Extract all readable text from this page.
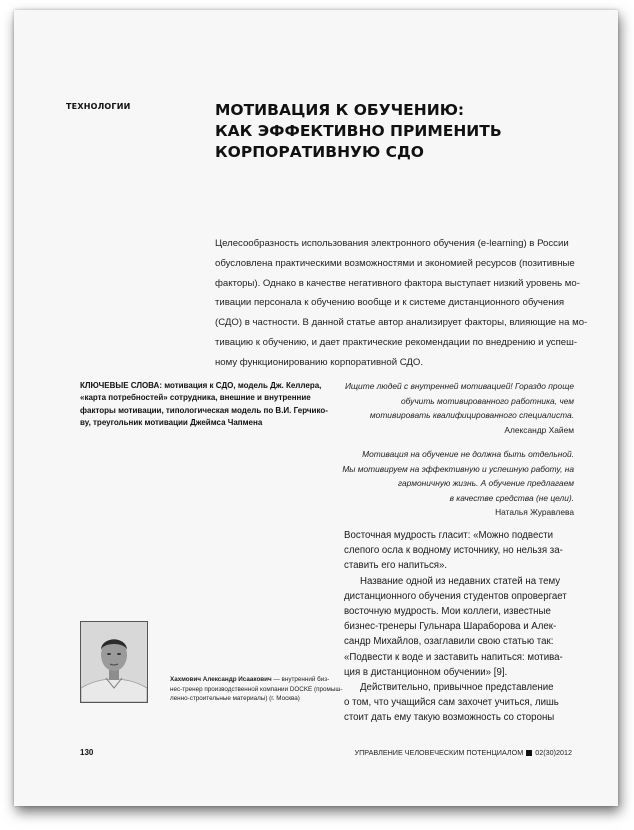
ТЕХНОЛОГИИ	МОТИВАЦИЯ К ОБУЧЕНИЮ:
КАК ЭФФЕКТИВНО ПРИМЕНИТЬ
КОРПОРАТИВНУЮ СДО
Целесообразность использования электронного обучения (e-learning) в России
обусловлена практическими возможностями и экономией ресурсов (позитивные
факторы). Однако в качестве негативного фактора выступает низкий уровень мо-
тивации персонала к обучению вообще и к системе дистанционного обучения
(СДО) в частности. В данной статье автор анализирует факторы, влияющие на мо-
тивацию к обучению, и дает практические рекомендации по внедрению и успеш-
ному функционированию корпоративной СДО.
КЛЮЧЕВЫЕ СЛОВА: мотивация к СДО, модель Дж. Келлера,
«карта потребностей» сотрудника, внешние и внутренние
факторы мотивации, типологическая модель по В.И. Герчико-
ву, треугольник мотивации Джеймса Чапмена
Ищите людей с внутренней мотивацией! Гораздо проще
обучить мотивированного работника, чем
мотивировать квалифицированного специалиста.
Александр Хайем
Мотивация на обучение не должна быть отдельной.
Мы мотивируем на эффективную и успешную работу, на
гармоничную жизнь. А обучение предлагаем
в качестве средства (не цели).
Наталья Журавлева
Восточная мудрость гласит: «Можно подвести
слепого осла к водному источнику, но нельзя за-
ставить его напиться».
Название одной из недавних статей на тему
дистанционного обучения студентов опровергает
восточную мудрость. Мои коллеги, известные
бизнес-тренеры Гульнара Шараборова и Алек-
сандр Михайлов, озаглавили свою статью так:
«Подвести к воде и заставить напиться: мотива-
ция в дистанционном обучении» [9].
Действительно, привычное представление
о том, что учащийся сам захочет учиться, лишь
стоит дать ему такую возможность со стороны
Хахмович Александр Исаакович — внутренний биз-
нес-тренер производственной компании DOCKE (промыш-
ленно-строительные материалы) (г. Москва)
130	УПРАВЛЕНИЕ ЧЕЛОВЕЧЕСКИМ ПОТЕНЦИАЛОМ 02(30)2012
